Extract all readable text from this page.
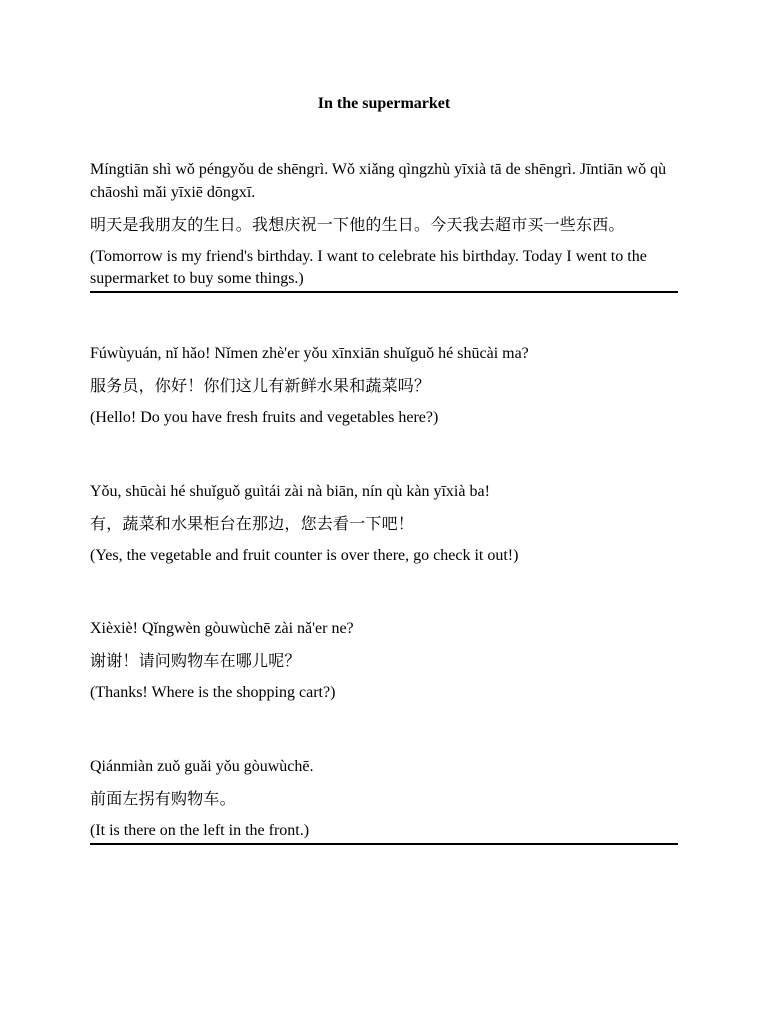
In the supermarket

Míngtiān shì wǒ péngyǒu de shēngrì. Wǒ xiǎng qìngzhù yīxià tā de shēngrì. Jīntiān wǒ qù chāoshì mǎi yīxiē dōngxī.

明天是我朋友的生日。我想庆祝一下他的生日。今天我去超市买一些东西。

(Tomorrow is my friend's birthday. I want to celebrate his birthday. Today I went to the supermarket to buy some things.)

Fúwùyuán, nǐ hǎo! Nǐmen zhè'er yǒu xīnxiān shuǐguǒ hé shūcài ma?

服务员，你好！你们这儿有新鲜水果和蔬菜吗？

(Hello! Do you have fresh fruits and vegetables here?)

Yǒu, shūcài hé shuǐguǒ guìtái zài nà biān, nín qù kàn yīxià ba!

有，蔬菜和水果柜台在那边，您去看一下吧！

(Yes, the vegetable and fruit counter is over there, go check it out!)

Xièxiè! Qǐngwèn gòuwùchē zài nǎ'er ne?

谢谢！请问购物车在哪儿呢？

(Thanks! Where is the shopping cart?)

Qiánmiàn zuǒ guǎi yǒu gòuwùchē.

前面左拐有购物车。

(It is there on the left in the front.)
